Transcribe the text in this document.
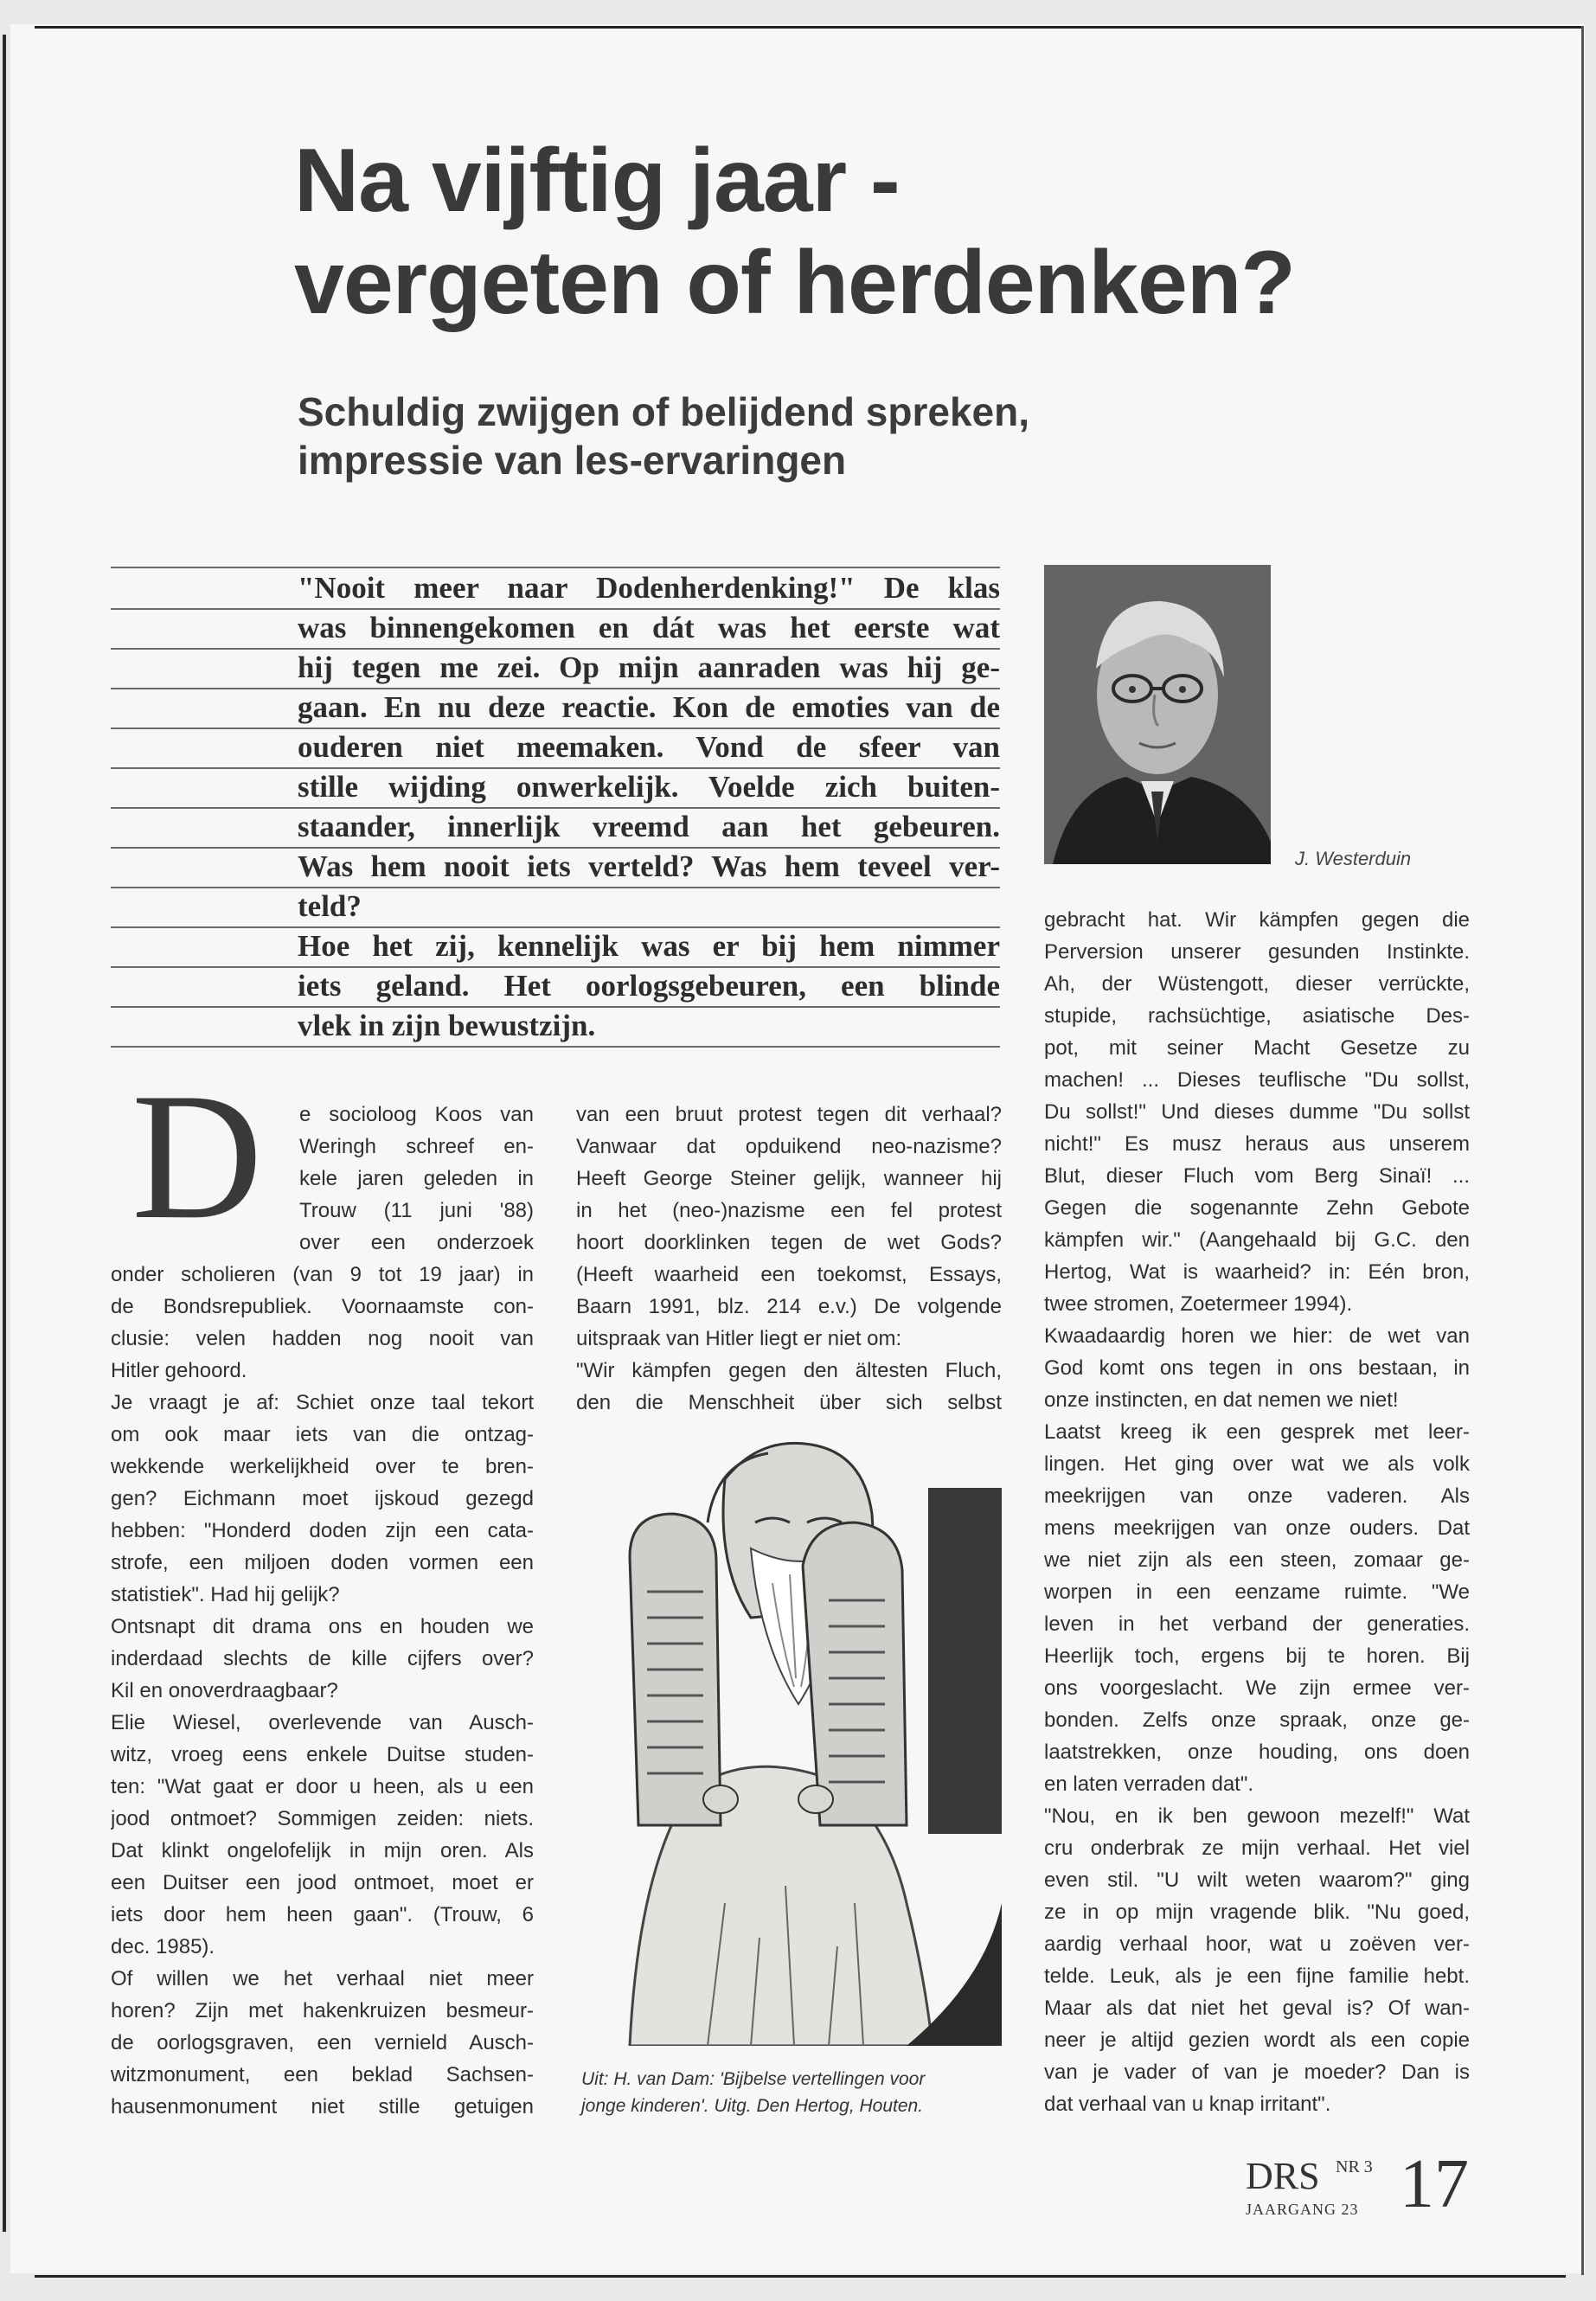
Na vijftig jaar -
vergeten of herdenken?
Schuldig zwijgen of belijdend spreken,
impressie van les-ervaringen
"Nooit meer naar Dodenherdenking!" De klas
was binnengekomen en dát was het eerste wat
hij tegen me zei. Op mijn aanraden was hij ge-
gaan. En nu deze reactie. Kon de emoties van de
ouderen niet meemaken. Vond de sfeer van
stille wijding onwerkelijk. Voelde zich buiten-
staander, innerlijk vreemd aan het gebeuren.
Was hem nooit iets verteld? Was hem teveel ver-
teld?
Hoe het zij, kennelijk was er bij hem nimmer
iets geland. Het oorlogsgebeuren, een blinde
vlek in zijn bewustzijn.
J. Westerduin
D	e socioloog Koos van
Weringh schreef en-
kele jaren geleden in
Trouw (11 juni '88)
over een onderzoek
onder scholieren (van 9 tot 19 jaar) in
de Bondsrepubliek. Voornaamste con-
clusie: velen hadden nog nooit van
Hitler gehoord.
Je vraagt je af: Schiet onze taal tekort
om ook maar iets van die ontzag-
wekkende werkelijkheid over te bren-
gen? Eichmann moet ijskoud gezegd
hebben: "Honderd doden zijn een cata-
strofe, een miljoen doden vormen een
statistiek". Had hij gelijk?
Ontsnapt dit drama ons en houden we
inderdaad slechts de kille cijfers over?
Kil en onoverdraagbaar?
Elie Wiesel, overlevende van Ausch-
witz, vroeg eens enkele Duitse studen-
ten: "Wat gaat er door u heen, als u een
jood ontmoet? Sommigen zeiden: niets.
Dat klinkt ongelofelijk in mijn oren. Als
een Duitser een jood ontmoet, moet er
iets door hem heen gaan". (Trouw, 6
dec. 1985).
Of willen we het verhaal niet meer
horen? Zijn met hakenkruizen besmeur-
de oorlogsgraven, een vernield Ausch-
witzmonument, een beklad Sachsen-
hausenmonument niet stille getuigen
van een bruut protest tegen dit verhaal?
Vanwaar dat opduikend neo-nazisme?
Heeft George Steiner gelijk, wanneer hij
in het (neo-)nazisme een fel protest
hoort doorklinken tegen de wet Gods?
(Heeft waarheid een toekomst, Essays,
Baarn 1991, blz. 214 e.v.) De volgende
uitspraak van Hitler liegt er niet om:
"Wir kämpfen gegen den ältesten Fluch,
den die Menschheit über sich selbst
Uit: H. van Dam: 'Bijbelse vertellingen voor
jonge kinderen'. Uitg. Den Hertog, Houten.
gebracht hat. Wir kämpfen gegen die
Perversion unserer gesunden Instinkte.
Ah, der Wüstengott, dieser verrückte,
stupide, rachsüchtige, asiatische Des-
pot, mit seiner Macht Gesetze zu
machen! ... Dieses teuflische "Du sollst,
Du sollst!" Und dieses dumme "Du sollst
nicht!" Es musz heraus aus unserem
Blut, dieser Fluch vom Berg Sinaï! ...
Gegen die sogenannte Zehn Gebote
kämpfen wir." (Aangehaald bij G.C. den
Hertog, Wat is waarheid? in: Eén bron,
twee stromen, Zoetermeer 1994).
Kwaadaardig horen we hier: de wet van
God komt ons tegen in ons bestaan, in
onze instincten, en dat nemen we niet!
Laatst kreeg ik een gesprek met leer-
lingen. Het ging over wat we als volk
meekrijgen van onze vaderen. Als
mens meekrijgen van onze ouders. Dat
we niet zijn als een steen, zomaar ge-
worpen in een eenzame ruimte. "We
leven in het verband der generaties.
Heerlijk toch, ergens bij te horen. Bij
ons voorgeslacht. We zijn ermee ver-
bonden. Zelfs onze spraak, onze ge-
laatstrekken, onze houding, ons doen
en laten verraden dat".
"Nou, en ik ben gewoon mezelf!" Wat
cru onderbrak ze mijn verhaal. Het viel
even stil. "U wilt weten waarom?" ging
ze in op mijn vragende blik. "Nu goed,
aardig verhaal hoor, wat u zoëven ver-
telde. Leuk, als je een fijne familie hebt.
Maar als dat niet het geval is? Of wan-
neer je altijd gezien wordt als een copie
van je vader of van je moeder? Dan is
dat verhaal van u knap irritant".
DRS NR 3
JAARGANG 23 17
